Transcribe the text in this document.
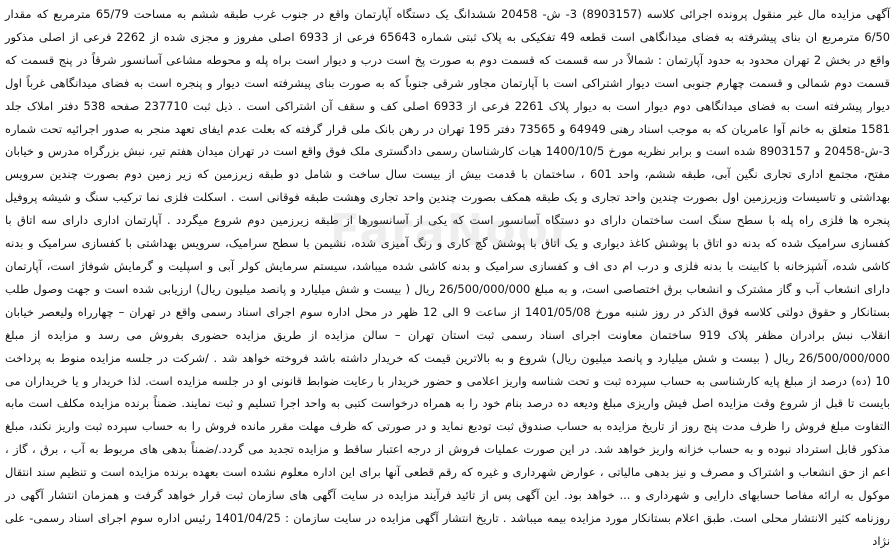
آگهی مزایده مال غیر منقول پرونده اجرائی کلاسه (8903157) 3- ش- 20458 ششدانگ یک دستگاه آپارتمان واقع در جنوب غرب طبقه ششم به مساحت 65/79 مترمربع که مقدار 6/50 مترمربع ان بنای پیشرفته به فضای میدانگاهی است قطعه 49 تفکیکی به پلاک ثبتی شماره 65643 فرعی از 6933 اصلی مفروز و مجزی شده از 2262 فرعی از اصلی مذکور واقع در بخش 2 تهران محدود به حدود آپارتمان : شمالاً در سه قسمت که قسمت دوم به صورت پخ است درب و دیوار است براه پله و محوطه مشاعی آسانسور شرقاً در پنج قسمت که قسمت دوم شمالی و قسمت چهارم جنوبی است دیوار اشتراکی است با آپارتمان مجاور شرقی جنوباً که به صورت بنای پیشرفته است دیوار و پنجره است به فضای میدانگاهی غرباً اول دیوار پیشرفته است به فضای میدانگاهی دوم دیوار است به دیوار پلاک 2261 فرعی از 6933 اصلی کف و سقف آن اشتراکی است . ذیل ثبت 237710 صفحه 538 دفتر املاک جلد 1581 متعلق به خانم آوا عامریان که به موجب اسناد رهنی 64949 و 73565 دفتر 195 تهران در رهن بانک ملی قرار گرفته که بعلت عدم ایفای تعهد منجر به صدور اجرائیه تحت شماره 3-ش-20458 و 8903157 شده است و برابر نظریه مورخ 1400/10/5 هیات کارشناسان رسمی دادگستری ملک فوق واقع است در تهران میدان هفتم تیر، نبش بزرگراه مدرس و خیابان مفتح، مجتمع اداری تجاری نگین آبی، طبقه ششم، واحد 601 ، ساختمان با قدمت بیش از بیست سال ساخت و شامل دو طبقه زیرزمین که زیر زمین دوم بصورت چندین سرویس بهداشتی و تاسیسات وزیرزمین اول بصورت چندین واحد تجاری و یک طبقه همکف بصورت چندین واحد تجاری وهشت طبقه فوقانی است . اسکلت فلزی نما ترکیب سنگ و شیشه پروفیل پنجره ها فلزی راه پله با سطح سنگ است ساختمان دارای دو دستگاه آسانسور است که یکی از آسانسورها از طبقه زیرزمین دوم شروع میگردد . آپارتمان اداری دارای سه اتاق با کفسازی سرامیک شده که بدنه دو اتاق با پوشش کاغذ دیواری و یک اتاق با پوشش گچ کاری و رنگ آمیزی شده، نشیمن با سطح سرامیک، سرویس بهداشتی با کفسازی سرامیک و بدنه کاشی شده، آشپزخانه با کابینت با بدنه فلزی و درب ام دی اف و کفسازی سرامیک و بدنه کاشی شده میباشد، سیستم سرمایش کولر آبی و اسپلیت و گرمایش شوفاژ است، آپارتمان دارای انشعاب آب و گاز مشترک و انشعاب برق اختصاصی است، و به مبلغ 26/500/000/000 ریال ( بیست و شش میلیارد و پانصد میلیون ریال) ارزیابی شده است و جهت وصول طلب بستانکار و حقوق دولتی کلاسه فوق الذکر در روز شنبه مورخ 1401/05/08 از ساعت 9 الی 12 ظهر در محل اداره سوم اجرای اسناد رسمی واقع در تهران – چهارراه ولیعصر خیابان انقلاب نبش برادران مظفر پلاک 919 ساختمان معاونت اجرای اسناد رسمی ثبت استان تهران – سالن مزایده از طریق مزایده حضوری بفروش می رسد و مزایده از مبلغ 26/500/000/000 ریال ( بیست و شش میلیارد و پانصد میلیون ریال) شروع و به بالاترین قیمت که خریدار داشته باشد فروخته خواهد شد . /شرکت در جلسه مزایده منوط به پرداخت 10 (ده) درصد از مبلغ پایه کارشناسی به حساب سپرده ثبت و تحت شناسه واریز اعلامی و حضور خریدار با رعایت ضوابط قانونی او در جلسه مزایده است. لذا خریدار و یا خریداران می بایست تا قبل از شروع وقت مزایده اصل فیش واریزی مبلغ ودیعه ده درصد بنام خود را به همراه درخواست کتبی به واحد اجرا تسلیم و ثبت نمایند. ضمناً برنده مزایده مکلف است مابه التفاوت مبلغ فروش را ظرف مدت پنج روز از تاریخ مزایده به حساب صندوق ثبت تودیع نماید و در صورتی که ظرف مهلت مقرر مانده فروش را به حساب سپرده ثبت واریز نکند، مبلغ مذکور قابل استرداد نبوده و به حساب خزانه واریز خواهد شد. در این صورت عملیات فروش از درجه اعتبار ساقط و مزایده تجدید می گردد./ضمناً بدهی های مربوط به آب ، برق ، گاز ، اعم از حق انشعاب و اشتراک و مصرف و نیز بدهی مالیاتی ، عوارض شهرداری و غیره که رقم قطعی آنها برای این اداره معلوم نشده است بعهده برنده مزایده است و تنظیم سند انتقال موکول به ارائه مفاصا حسابهای دارایی و شهرداری و ... خواهد بود. این آگهی پس از تائید فرآیند مزایده در سایت آگهی های سازمان ثبت قرار خواهد گرفت و همزمان انتشار آگهی در روزنامه کثیر الانتشار محلی است. طبق اعلام بستانکار مورد مزایده بیمه میباشد . تاریخ انتشار آگهی مزایده در سایت سازمان : 1401/04/25 رئیس اداره سوم اجرای اسناد رسمی- علی نژاد
FaraNoor
